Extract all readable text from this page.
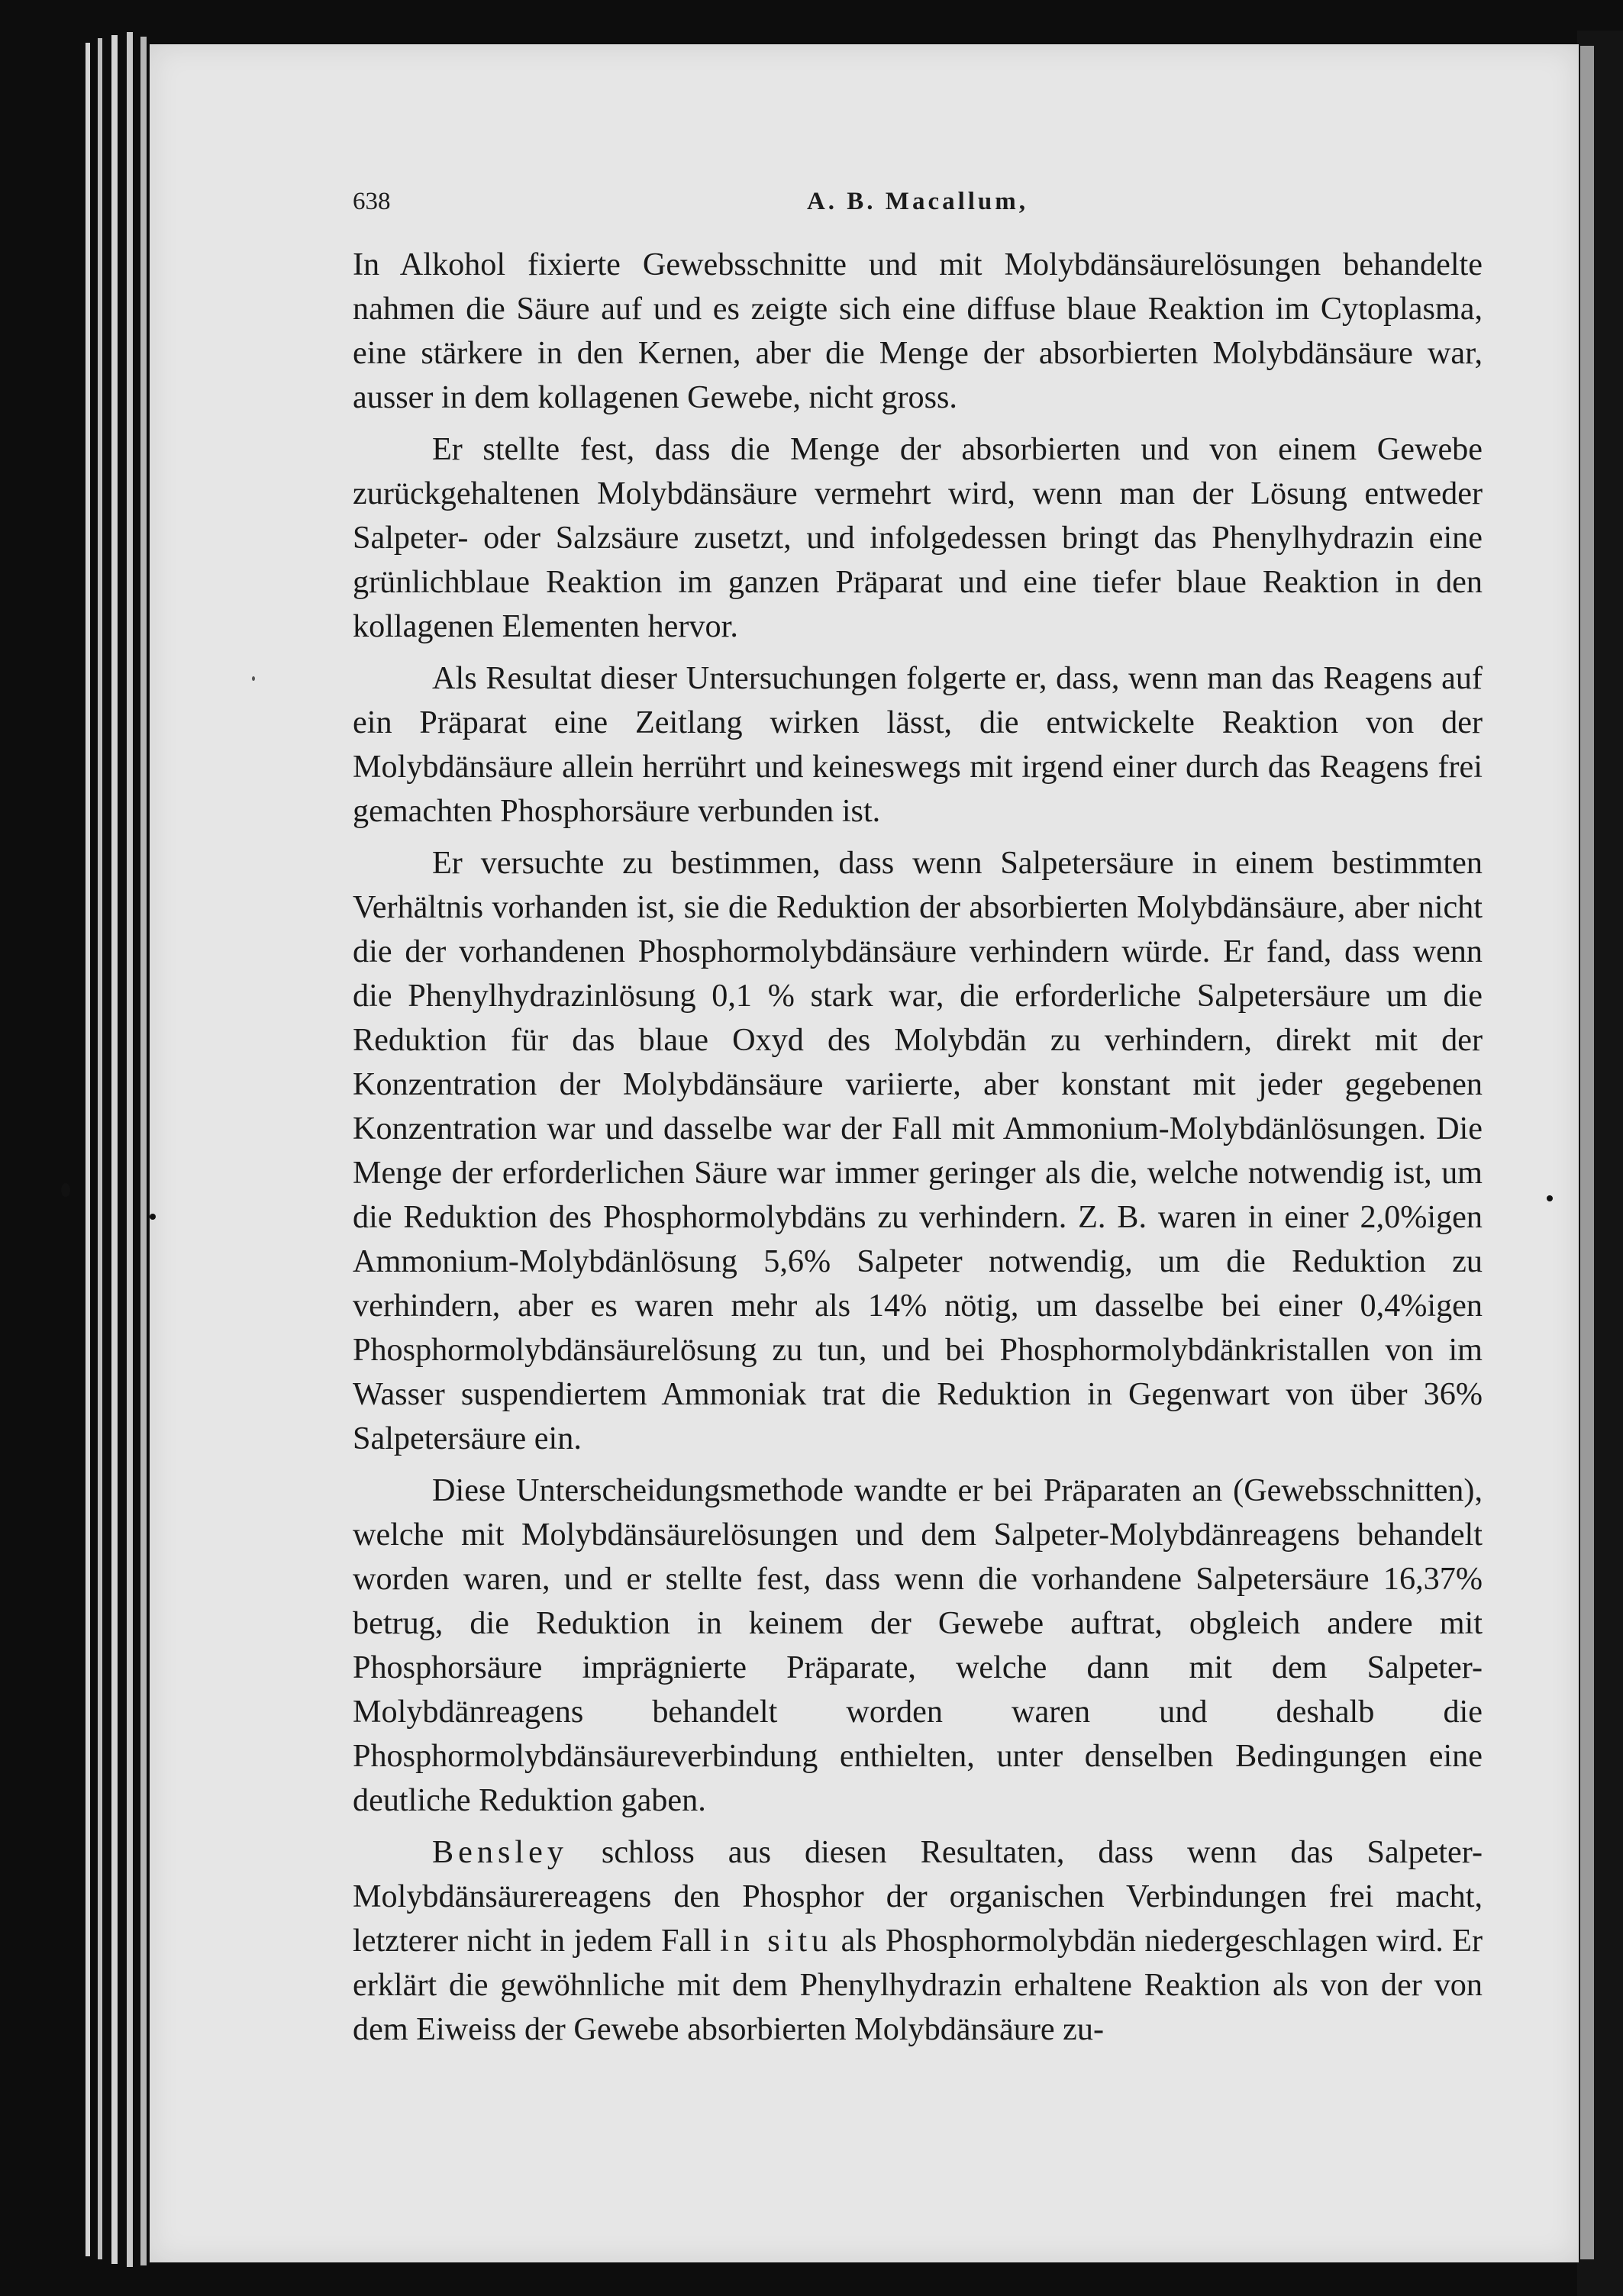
638	A. B. Macallum,

In Alkohol fixierte Gewebsschnitte und mit Molybdänsäurelösungen behandelte nahmen die Säure auf und es zeigte sich eine diffuse blaue Reaktion im Cytoplasma, eine stärkere in den Kernen, aber die Menge der absorbierten Molybdänsäure war, ausser in dem kollagenen Gewebe, nicht gross.

Er stellte fest, dass die Menge der absorbierten und von einem Gewebe zurückgehaltenen Molybdänsäure vermehrt wird, wenn man der Lösung entweder Salpeter- oder Salzsäure zusetzt, und infolgedessen bringt das Phenylhydrazin eine grünlichblaue Reaktion im ganzen Präparat und eine tiefer blaue Reaktion in den kollagenen Elementen hervor.

Als Resultat dieser Untersuchungen folgerte er, dass, wenn man das Reagens auf ein Präparat eine Zeitlang wirken lässt, die entwickelte Reaktion von der Molybdänsäure allein herrührt und keineswegs mit irgend einer durch das Reagens frei gemachten Phosphorsäure verbunden ist.

Er versuchte zu bestimmen, dass wenn Salpetersäure in einem bestimmten Verhältnis vorhanden ist, sie die Reduktion der absorbierten Molybdänsäure, aber nicht die der vorhandenen Phosphormolybdänsäure verhindern würde. Er fand, dass wenn die Phenylhydrazinlösung 0,1 % stark war, die erforderliche Salpetersäure um die Reduktion für das blaue Oxyd des Molybdän zu verhindern, direkt mit der Konzentration der Molybdänsäure variierte, aber konstant mit jeder gegebenen Konzentration war und dasselbe war der Fall mit Ammonium-Molybdänlösungen. Die Menge der erforderlichen Säure war immer geringer als die, welche notwendig ist, um die Reduktion des Phosphormolybdäns zu verhindern. Z. B. waren in einer 2,0%igen Ammonium-Molybdänlösung 5,6% Salpeter notwendig, um die Reduktion zu verhindern, aber es waren mehr als 14% nötig, um dasselbe bei einer 0,4%igen Phosphormolybdänsäurelösung zu tun, und bei Phosphormolybdänkristallen von im Wasser suspendiertem Ammoniak trat die Reduktion in Gegenwart von über 36% Salpetersäure ein.

Diese Unterscheidungsmethode wandte er bei Präparaten an (Gewebsschnitten), welche mit Molybdänsäurelösungen und dem Salpeter-Molybdänreagens behandelt worden waren, und er stellte fest, dass wenn die vorhandene Salpetersäure 16,37% betrug, die Reduktion in keinem der Gewebe auftrat, obgleich andere mit Phosphorsäure imprägnierte Präparate, welche dann mit dem Salpeter-Molybdänreagens behandelt worden waren und deshalb die Phosphormolybdänsäureverbindung enthielten, unter denselben Bedingungen eine deutliche Reduktion gaben.

Bensley schloss aus diesen Resultaten, dass wenn das Salpeter-Molybdänsäurereagens den Phosphor der organischen Verbindungen frei macht, letzterer nicht in jedem Fall in situ als Phosphormolybdän niedergeschlagen wird. Er erklärt die gewöhnliche mit dem Phenylhydrazin erhaltene Reaktion als von der von dem Eiweiss der Gewebe absorbierten Molybdänsäure zu-
